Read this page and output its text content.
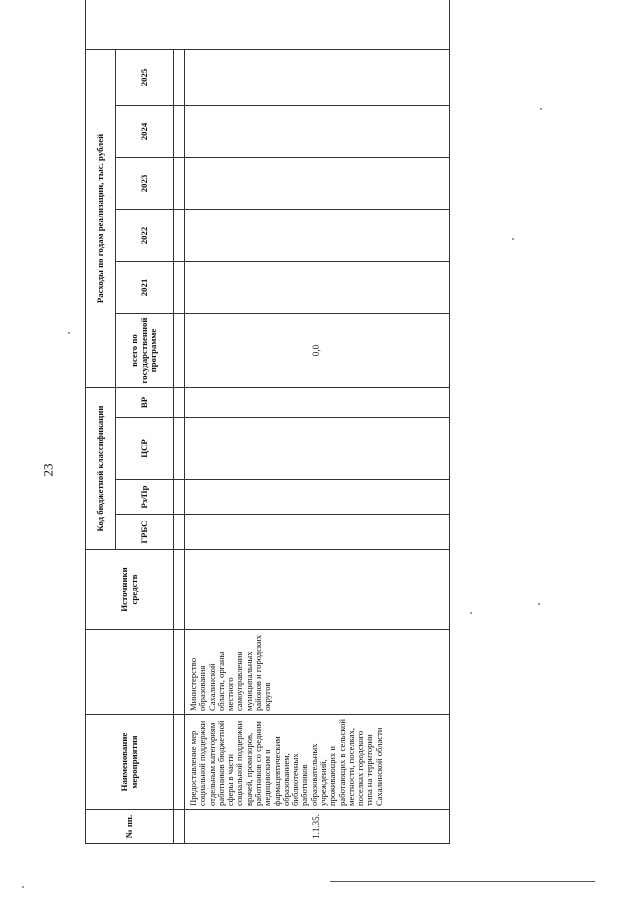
23
№ пп.	Наименование мероприятия		Источники средств	Код бюджетной классификации				Расходы по годам реализации, тыс. рублей						
				ГРБС	Рз/Пр	ЦСР	ВР	всего по государственной программе	2021	2022	2023	2024	2025	

1.1.35.	Предоставление мер социальной поддержки отдельным категориям работников бюджетной сферы в части социальной поддержки врачей, провизоров, работников со средним медицинским и фармацевтическим образованием, библиотечных работников образовательных учреждений, проживающих и работающих в сельской местности, поселках, поселках городского типа на территории Сахалинской области	Министерство образования Сахалинской области, органы местного самоуправления муниципальных районов и городских округов						0,0						
